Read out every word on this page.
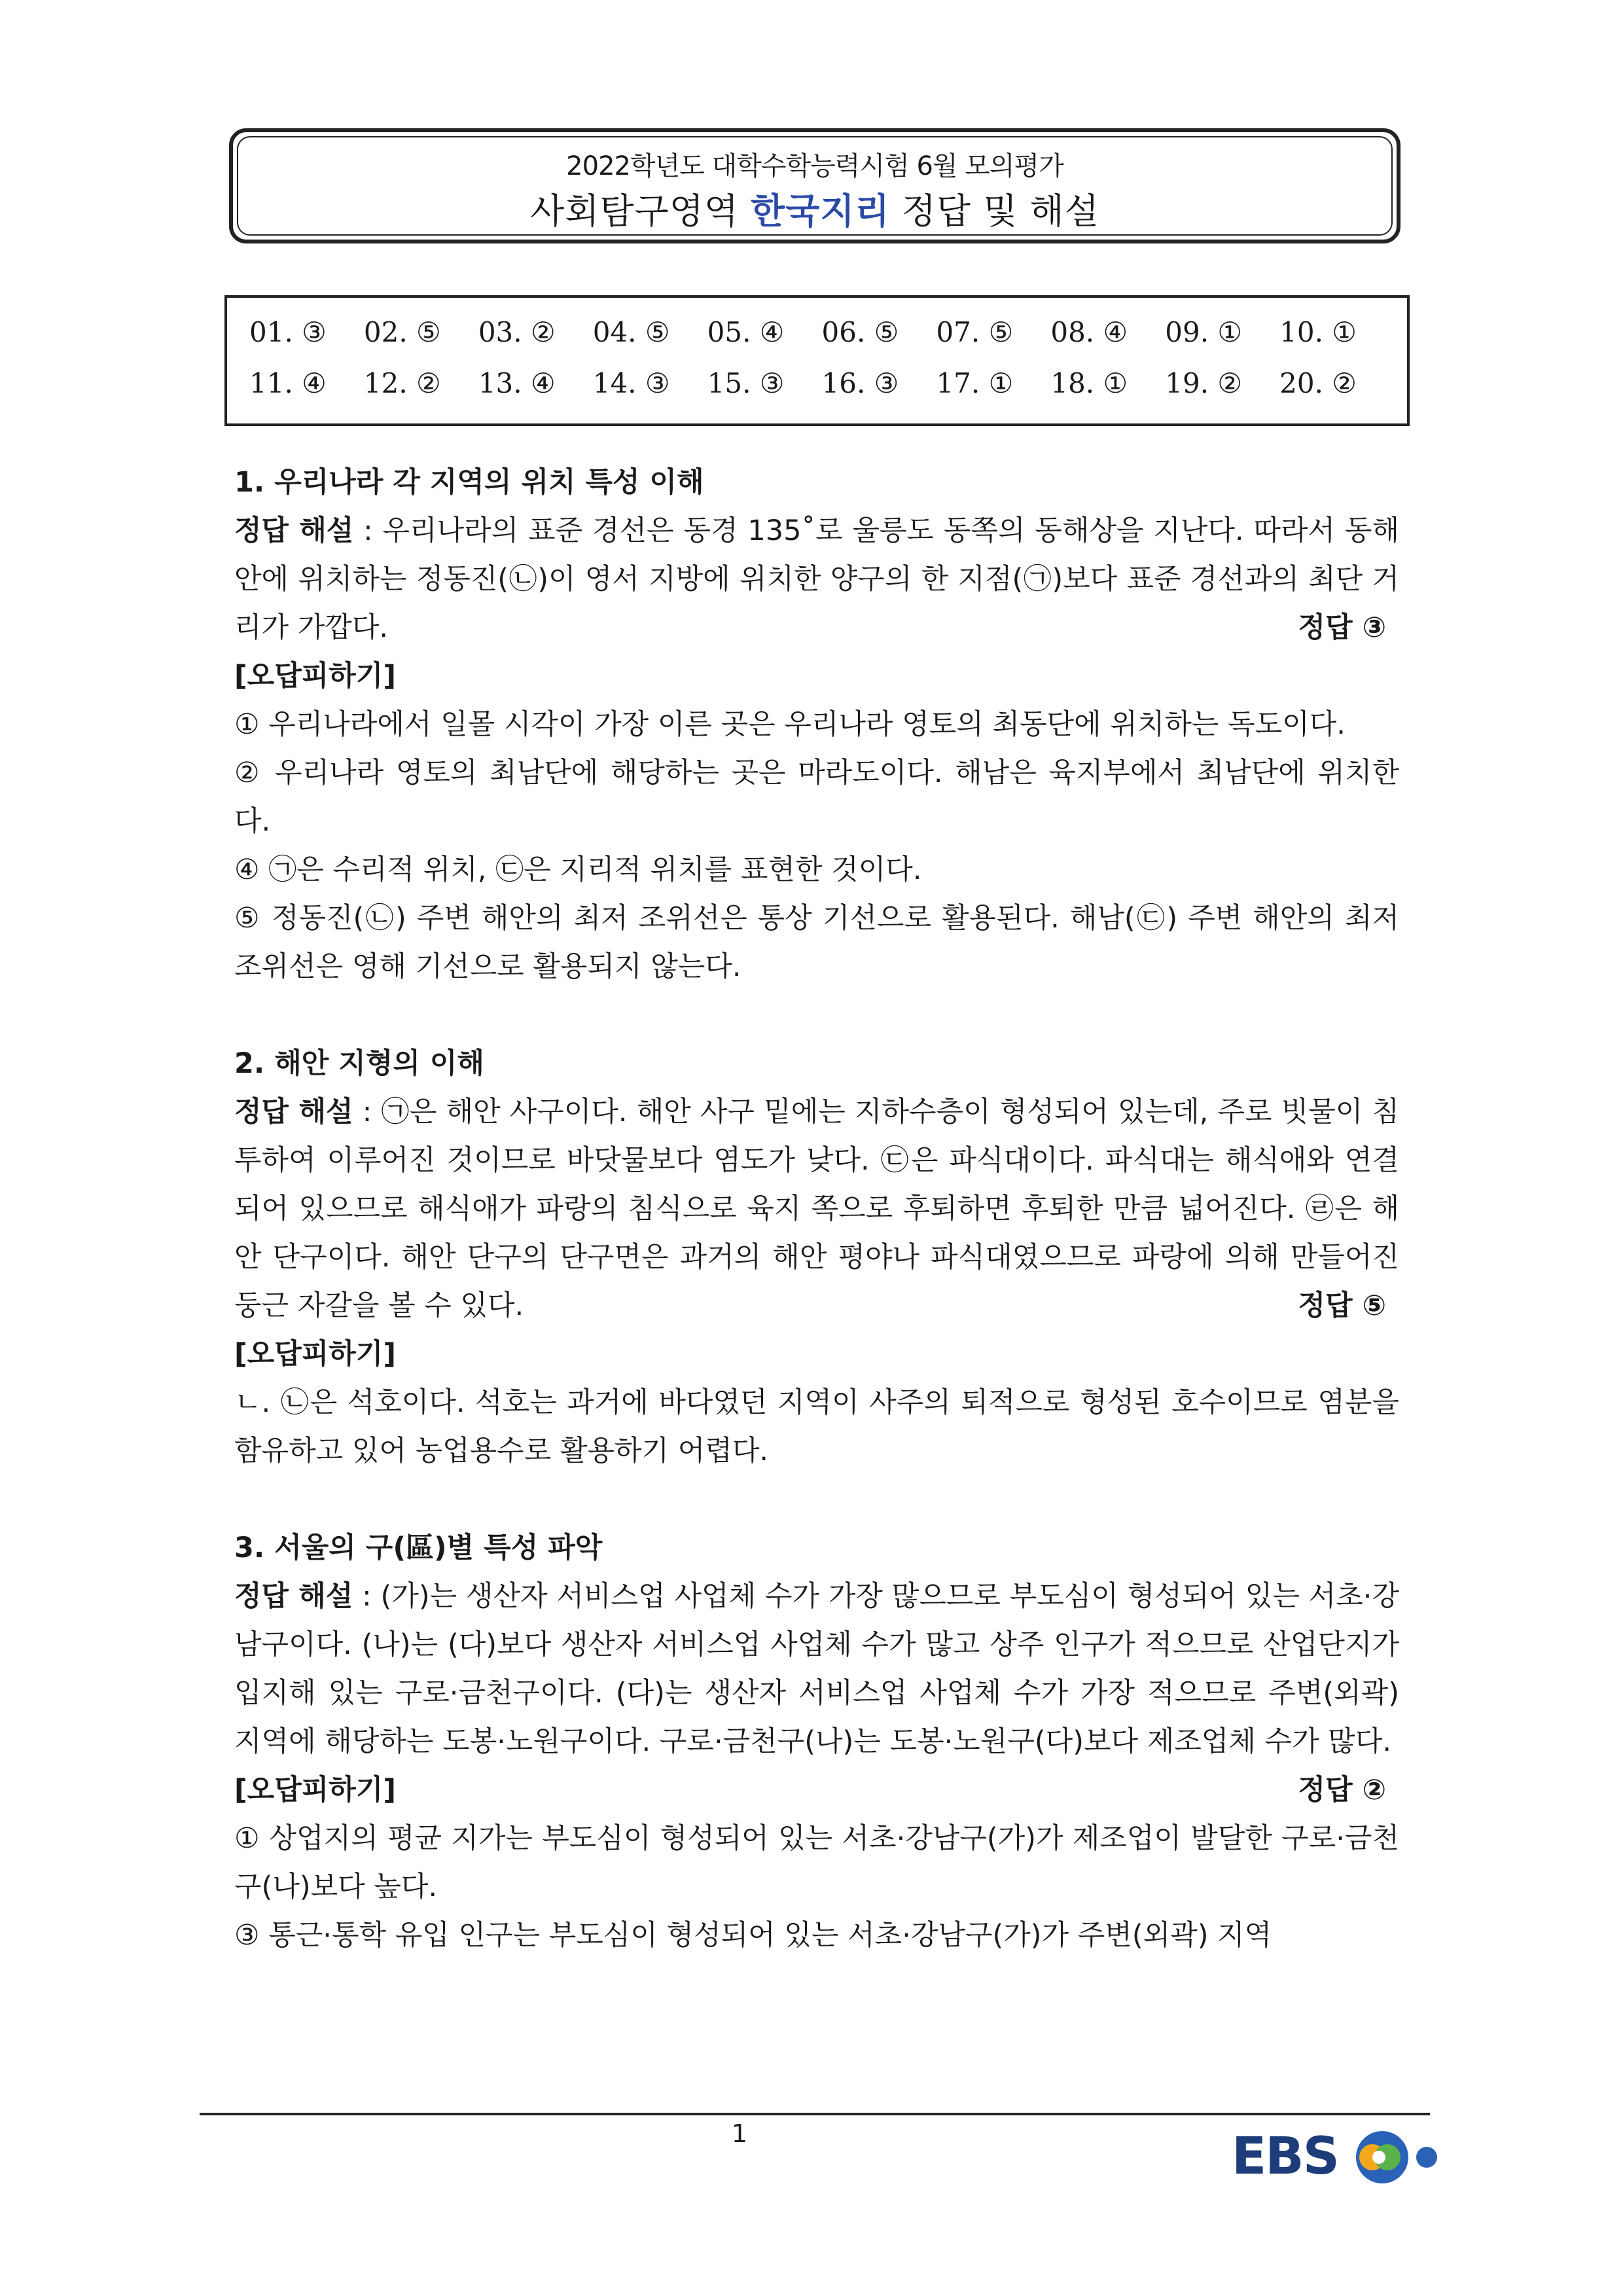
2022학년도 대학수학능력시험 6월 모의평가
사회탐구영역 한국지리 정답 및 해설
01. ③	02. ⑤	03. ②	04. ⑤	05. ④	06. ⑤	07. ⑤	08. ④	09. ①	10. ①
11. ④	12. ②	13. ④	14. ③	15. ③	16. ③	17. ①	18. ①	19. ②	20. ②
1. 우리나라 각 지역의 위치 특성 이해
정답 해설 : 우리나라의 표준 경선은 동경 135˚로 울릉도 동쪽의 동해상을 지난다. 따라서 동해안에 위치하는 정동진(㉡)이 영서 지방에 위치한 양구의 한 지점(㉠)보다 표준 경선과의 최단 거리가 가깝다.	정답 ③
[오답피하기]
① 우리나라에서 일몰 시각이 가장 이른 곳은 우리나라 영토의 최동단에 위치하는 독도이다.
② 우리나라 영토의 최남단에 해당하는 곳은 마라도이다. 해남은 육지부에서 최남단에 위치한다.
④ ㉠은 수리적 위치, ㉢은 지리적 위치를 표현한 것이다.
⑤ 정동진(㉡) 주변 해안의 최저 조위선은 통상 기선으로 활용된다. 해남(㉢) 주변 해안의 최저 조위선은 영해 기선으로 활용되지 않는다.
2. 해안 지형의 이해
정답 해설 : ㉠은 해안 사구이다. 해안 사구 밑에는 지하수층이 형성되어 있는데, 주로 빗물이 침투하여 이루어진 것이므로 바닷물보다 염도가 낮다. ㉢은 파식대이다. 파식대는 해식애와 연결되어 있으므로 해식애가 파랑의 침식으로 육지 쪽으로 후퇴하면 후퇴한 만큼 넓어진다. ㉣은 해안 단구이다. 해안 단구의 단구면은 과거의 해안 평야나 파식대였으므로 파랑에 의해 만들어진 둥근 자갈을 볼 수 있다.	정답 ⑤
[오답피하기]
ㄴ. ㉡은 석호이다. 석호는 과거에 바다였던 지역이 사주의 퇴적으로 형성된 호수이므로 염분을 함유하고 있어 농업용수로 활용하기 어렵다.
3. 서울의 구(區)별 특성 파악
정답 해설 : (가)는 생산자 서비스업 사업체 수가 가장 많으므로 부도심이 형성되어 있는 서초·강남구이다. (나)는 (다)보다 생산자 서비스업 사업체 수가 많고 상주 인구가 적으므로 산업단지가 입지해 있는 구로·금천구이다. (다)는 생산자 서비스업 사업체 수가 가장 적으므로 주변(외곽) 지역에 해당하는 도봉·노원구이다. 구로·금천구(나)는 도봉·노원구(다)보다 제조업체 수가 많다.
정답 ②
[오답피하기]
① 상업지의 평균 지가는 부도심이 형성되어 있는 서초·강남구(가)가 제조업이 발달한 구로·금천구(나)보다 높다.
③ 통근·통학 유입 인구는 부도심이 형성되어 있는 서초·강남구(가)가 주변(외곽) 지역
1	EBS
